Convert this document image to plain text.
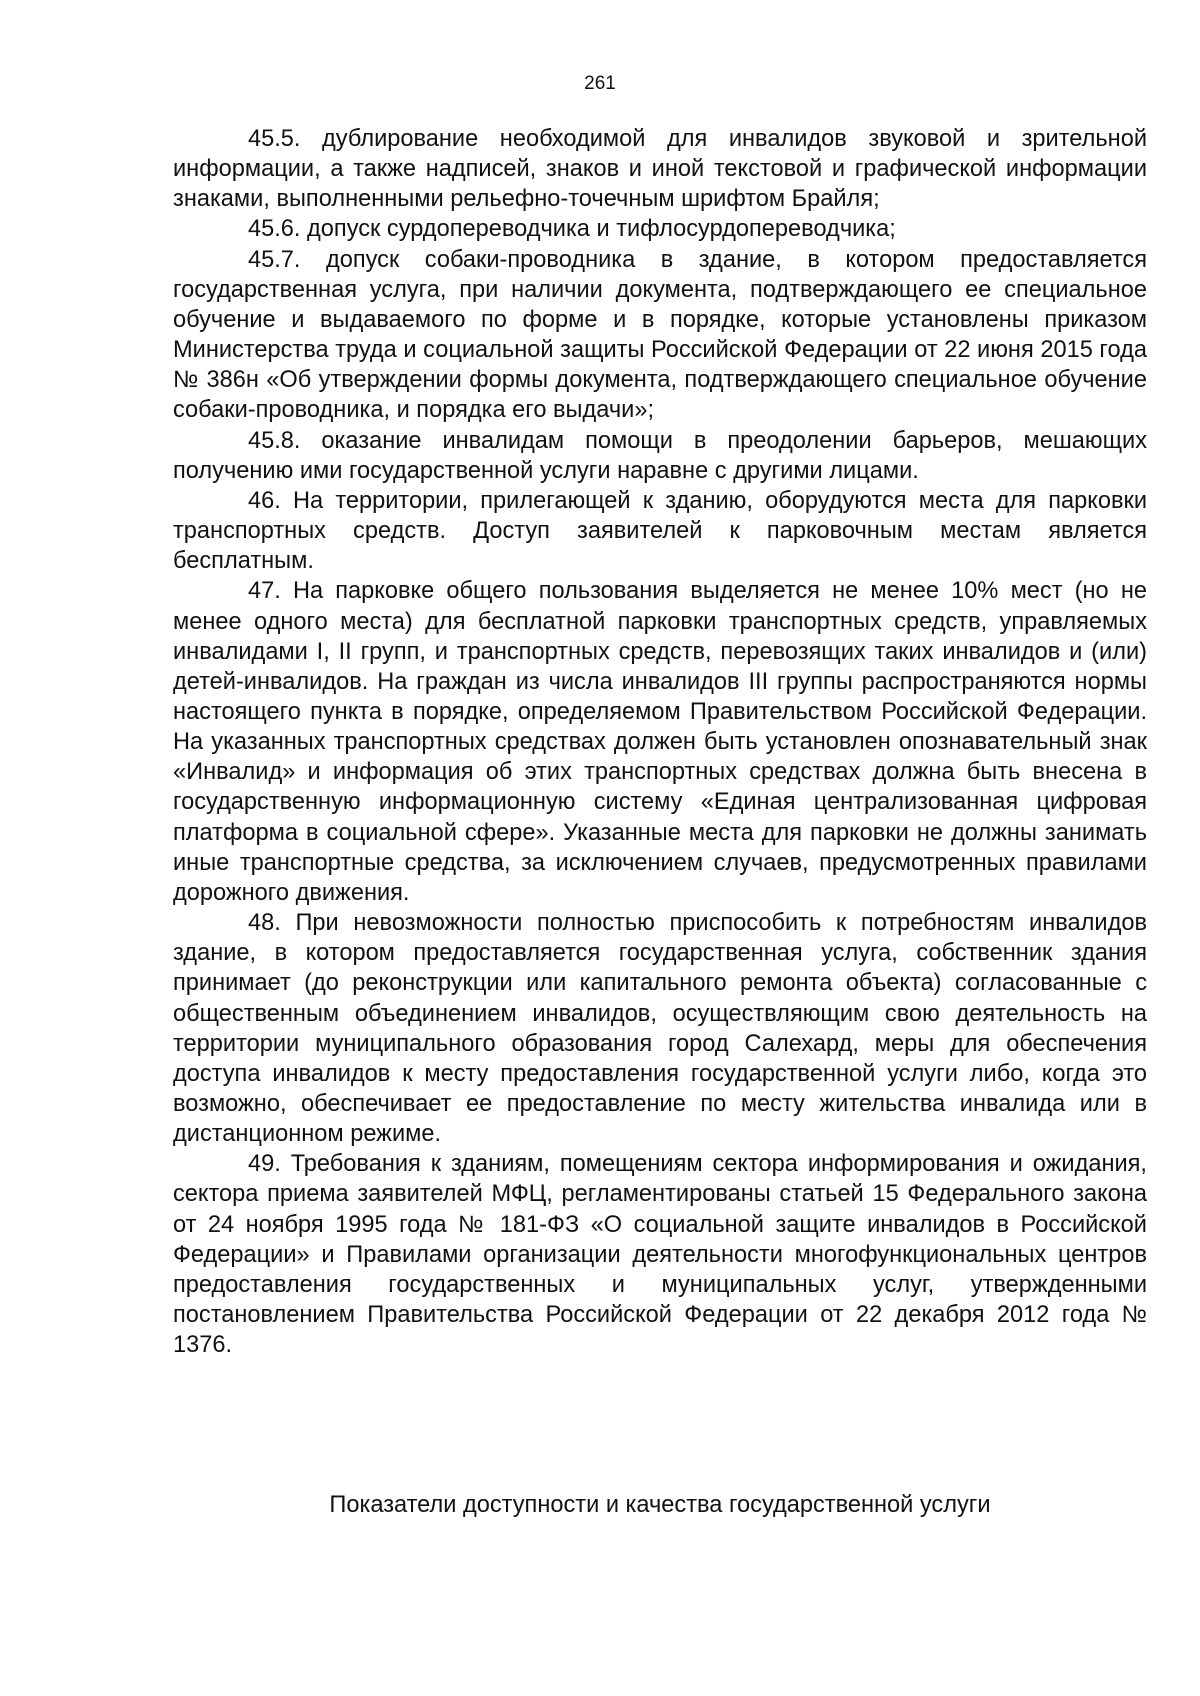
261

45.5. дублирование необходимой для инвалидов звуковой и зрительной информации, а также надписей, знаков и иной текстовой и графической информации знаками, выполненными рельефно-точечным шрифтом Брайля;

45.6. допуск сурдопереводчика и тифлосурдопереводчика;

45.7. допуск собаки-проводника в здание, в котором предоставляется государственная услуга, при наличии документа, подтверждающего ее специальное обучение и выдаваемого по форме и в порядке, которые установлены приказом Министерства труда и социальной защиты Российской Федерации от 22 июня 2015 года № 386н «Об утверждении формы документа, подтверждающего специальное обучение собаки-проводника, и порядка его выдачи»;

45.8. оказание инвалидам помощи в преодолении барьеров, мешающих получению ими государственной услуги наравне с другими лицами.

46. На территории, прилегающей к зданию, оборудуются места для парковки транспортных средств. Доступ заявителей к парковочным местам является бесплатным.

47. На парковке общего пользования выделяется не менее 10% мест (но не менее одного места) для бесплатной парковки транспортных средств, управляемых инвалидами I, II групп, и транспортных средств, перевозящих таких инвалидов и (или) детей-инвалидов. На граждан из числа инвалидов III группы распространяются нормы настоящего пункта в порядке, определяемом Правительством Российской Федерации. На указанных транспортных средствах должен быть установлен опознавательный знак «Инвалид» и информация об этих транспортных средствах должна быть внесена в государственную информационную систему «Единая централизованная цифровая платформа в социальной сфере». Указанные места для парковки не должны занимать иные транспортные средства, за исключением случаев, предусмотренных правилами дорожного движения.

48. При невозможности полностью приспособить к потребностям инвалидов здание, в котором предоставляется государственная услуга, собственник здания принимает (до реконструкции или капитального ремонта объекта) согласованные с общественным объединением инвалидов, осуществляющим свою деятельность на территории муниципального образования город Салехард, меры для обеспечения доступа инвалидов к месту предоставления государственной услуги либо, когда это возможно, обеспечивает ее предоставление по месту жительства инвалида или в дистанционном режиме.

49. Требования к зданиям, помещениям сектора информирования и ожидания, сектора приема заявителей МФЦ, регламентированы статьей 15 Федерального закона от 24 ноября 1995 года № 181-ФЗ «О социальной защите инвалидов в Российской Федерации» и Правилами организации деятельности многофункциональных центров предоставления государственных и муниципальных услуг, утвержденными постановлением Правительства Российской Федерации от 22 декабря 2012 года № 1376.

Показатели доступности и качества государственной услуги
